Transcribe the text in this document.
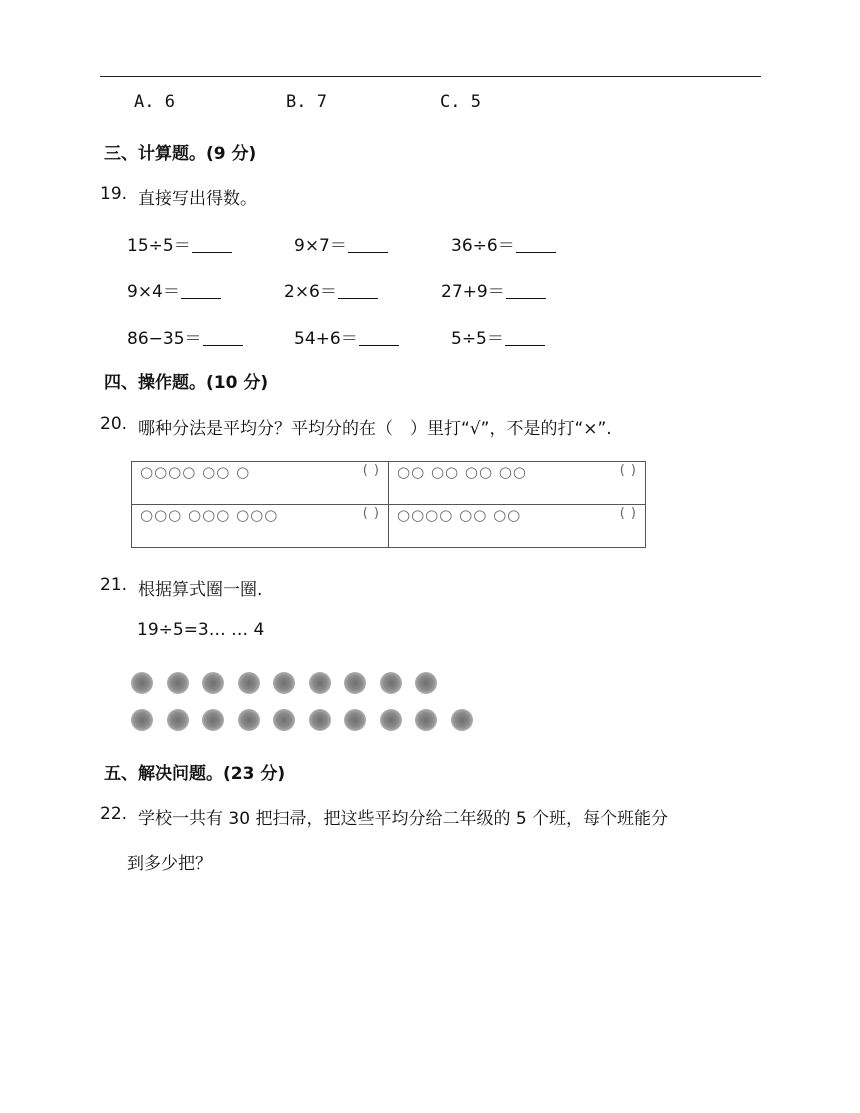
A. 6	B. 7	C. 5
三、计算题。(9 分)
19. 直接写出得数。
15÷5＝	9×7＝	36÷6＝
9×4＝	2×6＝	27+9＝
86−35＝	54+6＝	5÷5＝
四、操作题。(10 分)
20. 哪种分法是平均分？平均分的在（　）里打“√”，不是的打“×”.
○○○○ ○○ ○ ( )	○○ ○○ ○○ ○○ ( )

○○○ ○○○ ○○○ ( )	○○○○ ○○ ○○ ( )
21. 根据算式圈一圈.
19÷5=3… … 4
五、解决问题。(23 分)
22. 学校一共有 30 把扫帚，把这些平均分给二年级的 5 个班，每个班能分
到多少把？
